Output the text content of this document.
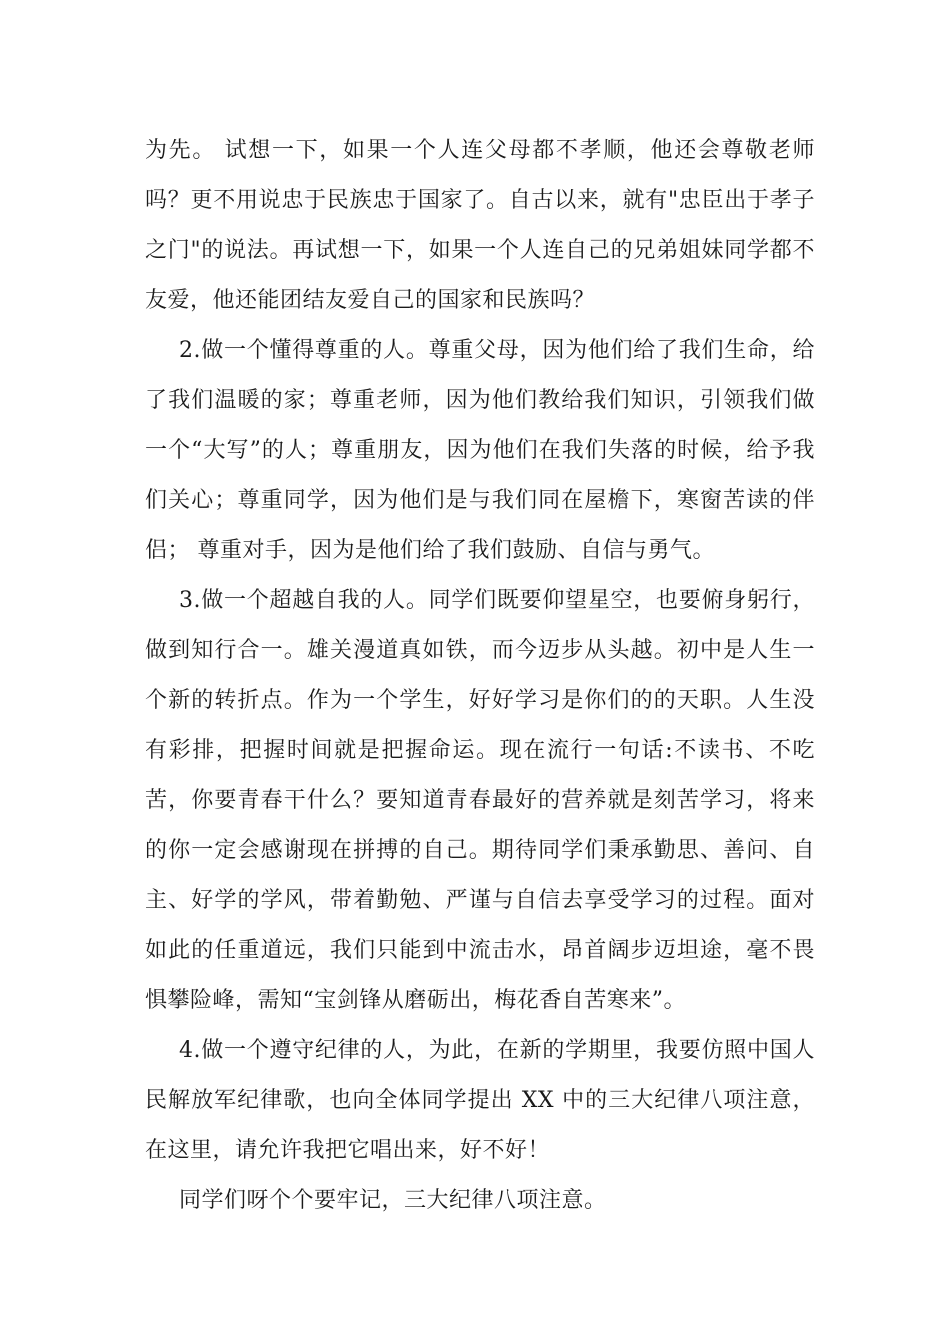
为先。 试想一下，如果一个人连父母都不孝顺，他还会尊敬老师吗？更不用说忠于民族忠于国家了。自古以来，就有"忠臣出于孝子之门"的说法。再试想一下，如果一个人连自己的兄弟姐妹同学都不友爱，他还能团结友爱自己的国家和民族吗？

2.做一个懂得尊重的人。尊重父母，因为他们给了我们生命，给了我们温暖的家；尊重老师，因为他们教给我们知识，引领我们做一个“大写”的人；尊重朋友，因为他们在我们失落的时候，给予我们关心；尊重同学，因为他们是与我们同在屋檐下，寒窗苦读的伴侣； 尊重对手，因为是他们给了我们鼓励、自信与勇气。

3.做一个超越自我的人。同学们既要仰望星空，也要俯身躬行，做到知行合一。雄关漫道真如铁，而今迈步从头越。初中是人生一个新的转折点。作为一个学生，好好学习是你们的的天职。人生没有彩排，把握时间就是把握命运。现在流行一句话:不读书、不吃苦，你要青春干什么？要知道青春最好的营养就是刻苦学习，将来的你一定会感谢现在拼搏的自己。期待同学们秉承勤思、善问、自主、好学的学风，带着勤勉、严谨与自信去享受学习的过程。面对如此的任重道远，我们只能到中流击水，昂首阔步迈坦途，毫不畏惧攀险峰，需知“宝剑锋从磨砺出，梅花香自苦寒来”。

4.做一个遵守纪律的人，为此，在新的学期里，我要仿照中国人民解放军纪律歌，也向全体同学提出 XX 中的三大纪律八项注意，在这里，请允许我把它唱出来，好不好！

同学们呀个个要牢记，三大纪律八项注意。
